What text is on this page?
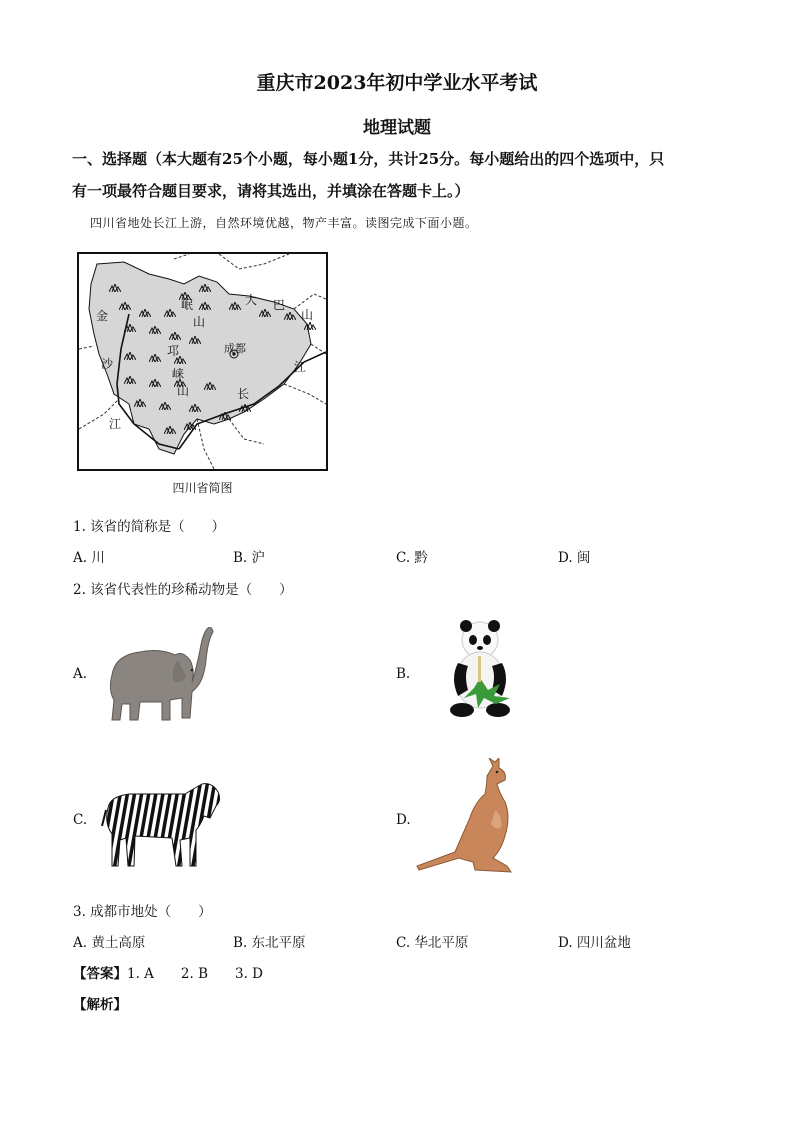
重庆市2023年初中学业水平考试
地理试题
一、选择题（本大题有25个小题，每小题1分，共计25分。每小题给出的四个选项中，只
有一项最符合题目要求，请将其选出，并填涂在答题卡上。）
四川省地处长江上游，自然环境优越，物产丰富。读图完成下面小题。
岷
山
大 巴
山
金
沙
江
邛
崃
山
成都
长
江
四川省简图
1. 该省的简称是（　　）
A. 川	B. 沪	C. 黔	D. 闽
2. 该省代表性的珍稀动物是（　　）
A.	B.
C.	D.
3. 成都市地处（　　）
A. 黄土高原	B. 东北平原	C. 华北平原	D. 四川盆地
【答案】1. A　　2. B　　3. D
【解析】
